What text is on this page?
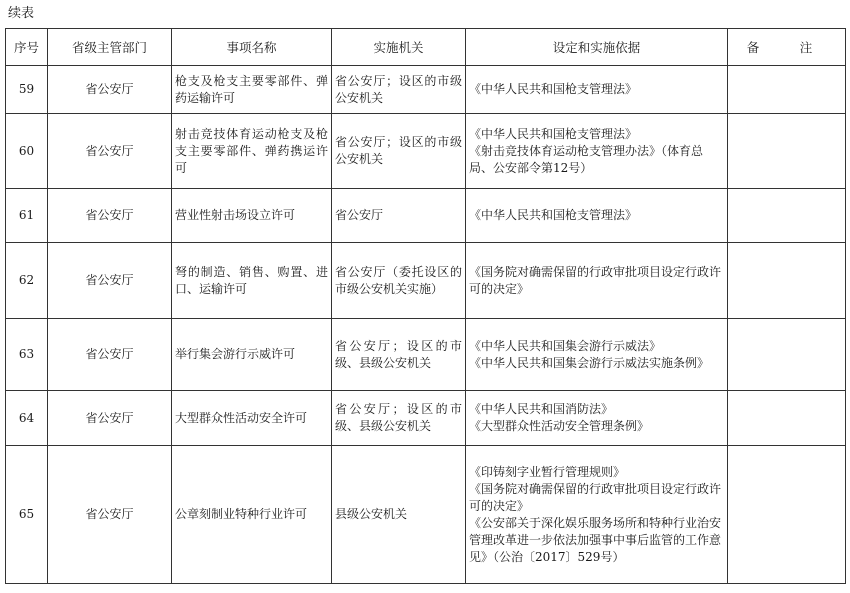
续表
序号	省级主管部门	事项名称	实施机关	设定和实施依据	备　注
59	省公安厅	枪支及枪支主要零部件、弹药运输许可	省公安厅；设区的市级公安机关	《中华人民共和国枪支管理法》	

60	省公安厅	射击竞技体育运动枪支及枪支主要零部件、弹药携运许可	省公安厅；设区的市级公安机关	《中华人民共和国枪支管理法》
《射击竞技体育运动枪支管理办法》（体育总局、公安部令第12号）	

61	省公安厅	营业性射击场设立许可	省公安厅	《中华人民共和国枪支管理法》	

62	省公安厅	弩的制造、销售、购置、进口、运输许可	省公安厅（委托设区的市级公安机关实施）	《国务院对确需保留的行政审批项目设定行政许可的决定》	

63	省公安厅	举行集会游行示威许可	省公安厅；设区的市级、县级公安机关	《中华人民共和国集会游行示威法》
《中华人民共和国集会游行示威法实施条例》	

64	省公安厅	大型群众性活动安全许可	省公安厅；设区的市级、县级公安机关	《中华人民共和国消防法》
《大型群众性活动安全管理条例》	

65	省公安厅	公章刻制业特种行业许可	县级公安机关	《印铸刻字业暂行管理规则》
《国务院对确需保留的行政审批项目设定行政许可的决定》
《公安部关于深化娱乐服务场所和特种行业治安管理改革进一步依法加强事中事后监管的工作意见》（公治〔2017〕529号）	
